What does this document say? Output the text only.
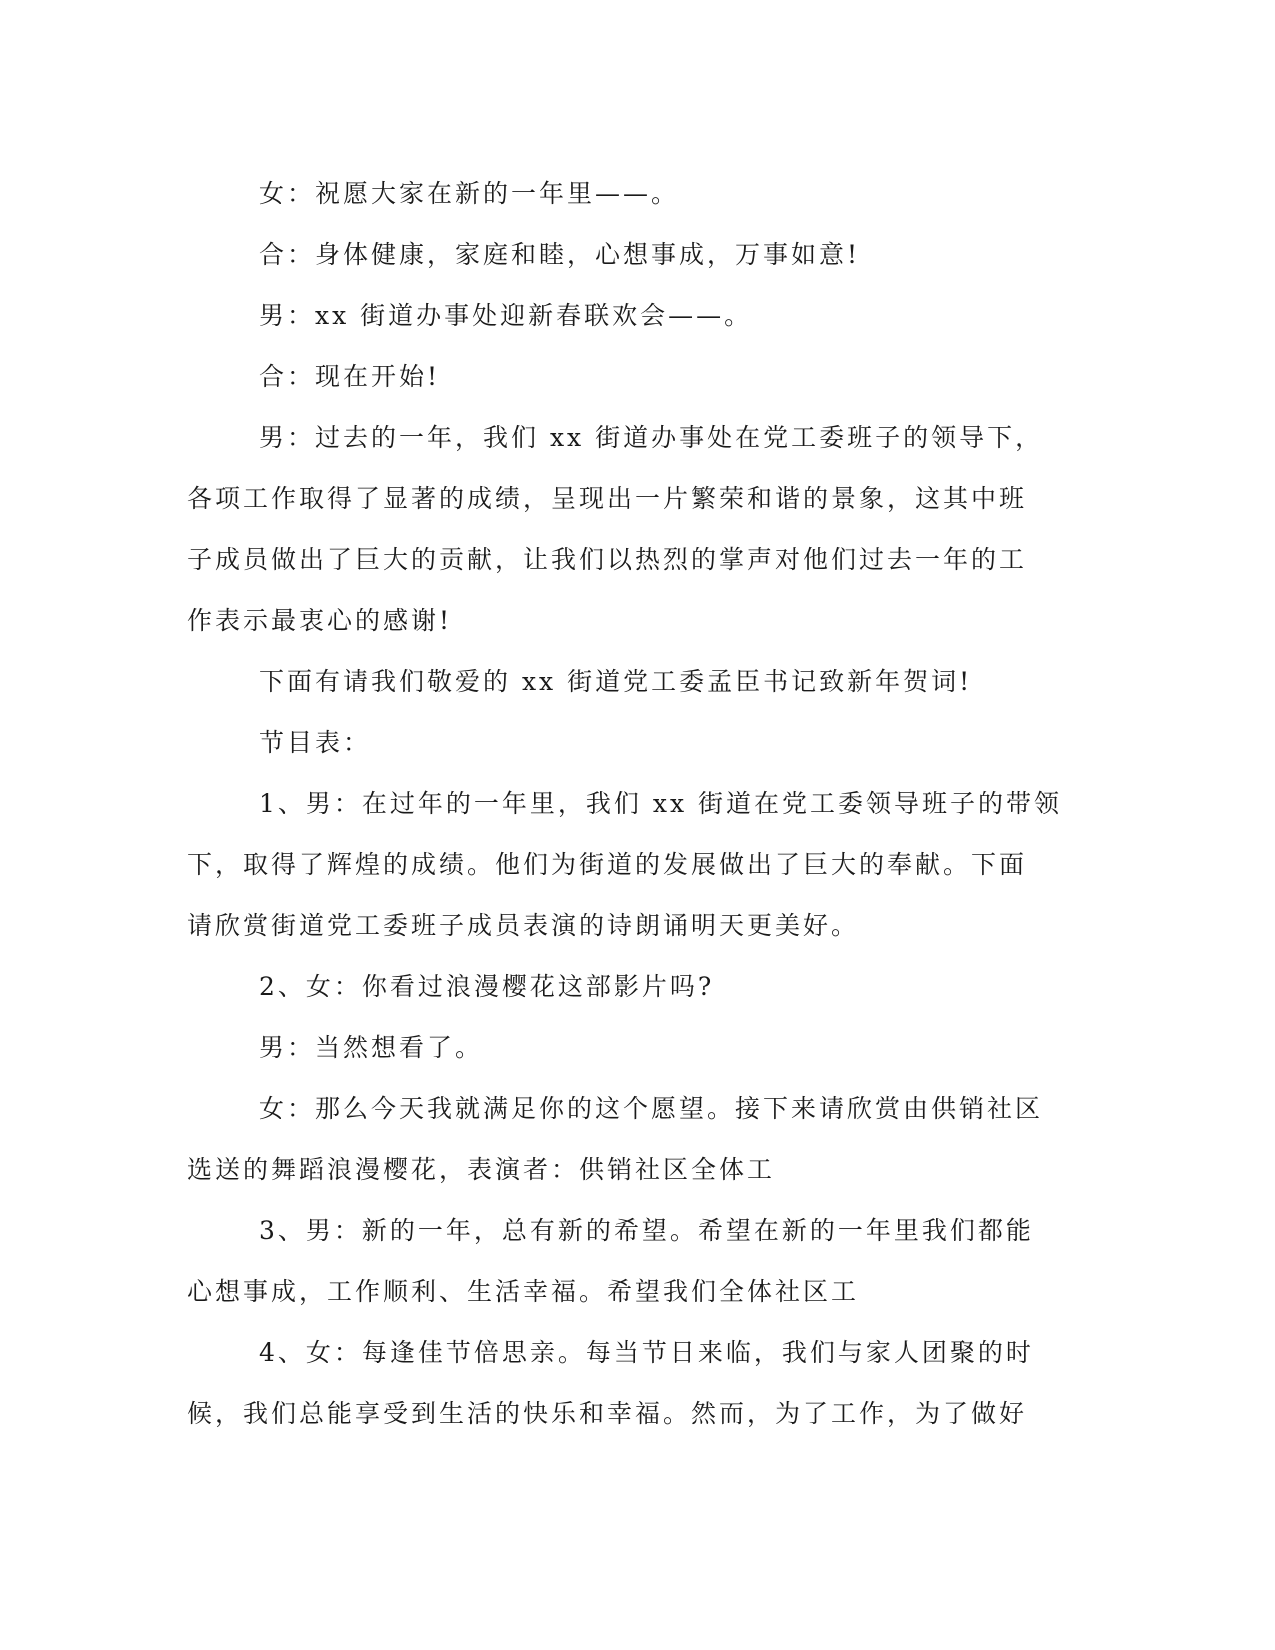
女：祝愿大家在新的一年里——。

合：身体健康，家庭和睦，心想事成，万事如意!

男：xx 街道办事处迎新春联欢会——。

合：现在开始!

男：过去的一年，我们 xx 街道办事处在党工委班子的领导下，
各项工作取得了显著的成绩，呈现出一片繁荣和谐的景象，这其中班
子成员做出了巨大的贡献，让我们以热烈的掌声对他们过去一年的工
作表示最衷心的感谢!

下面有请我们敬爱的 xx 街道党工委孟臣书记致新年贺词!

节目表：

1、男：在过年的一年里，我们 xx 街道在党工委领导班子的带领
下，取得了辉煌的成绩。他们为街道的发展做出了巨大的奉献。下面
请欣赏街道党工委班子成员表演的诗朗诵明天更美好。

2、女：你看过浪漫樱花这部影片吗?

男：当然想看了。

女：那么今天我就满足你的这个愿望。接下来请欣赏由供销社区
选送的舞蹈浪漫樱花，表演者：供销社区全体工

3、男：新的一年，总有新的希望。希望在新的一年里我们都能
心想事成，工作顺利、生活幸福。希望我们全体社区工

4、女：每逢佳节倍思亲。每当节日来临，我们与家人团聚的时
候，我们总能享受到生活的快乐和幸福。然而，为了工作，为了做好
